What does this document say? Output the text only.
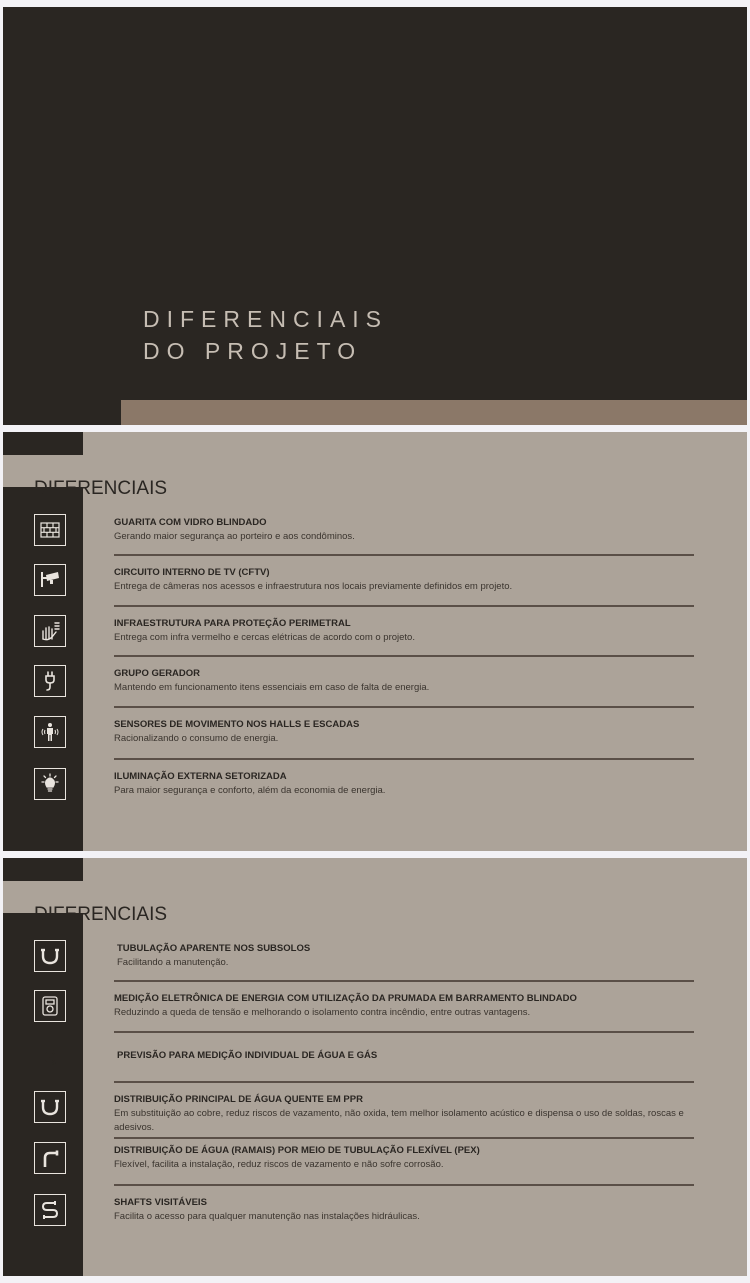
DIFERENCIAIS
DO PROJETO
DIFERENCIAIS
GUARITA COM VIDRO BLINDADO
Gerando maior segurança ao porteiro e aos condôminos.
CIRCUITO INTERNO DE TV (CFTV)
Entrega de câmeras nos acessos e infraestrutura nos locais previamente definidos em projeto.
INFRAESTRUTURA PARA PROTEÇÃO PERIMETRAL
Entrega com infra vermelho e cercas elétricas de acordo com o projeto.
GRUPO GERADOR
Mantendo em funcionamento itens essenciais em caso de falta de energia.
SENSORES DE MOVIMENTO NOS HALLS E ESCADAS
Racionalizando o consumo de energia.
ILUMINAÇÃO EXTERNA SETORIZADA
Para maior segurança e conforto, além da economia de energia.
DIFERENCIAIS
TUBULAÇÃO APARENTE NOS SUBSOLOS
Facilitando a manutenção.
MEDIÇÃO ELETRÔNICA DE ENERGIA COM UTILIZAÇÃO DA PRUMADA EM BARRAMENTO BLINDADO
Reduzindo a queda de tensão e melhorando o isolamento contra incêndio, entre outras vantagens.
PREVISÃO PARA MEDIÇÃO INDIVIDUAL DE ÁGUA E GÁS
DISTRIBUIÇÃO PRINCIPAL DE ÁGUA QUENTE EM PPR
Em substituição ao cobre, reduz riscos de vazamento, não oxida, tem melhor isolamento acústico e dispensa o uso de soldas, roscas e adesivos.
DISTRIBUIÇÃO DE ÁGUA (RAMAIS) POR MEIO DE TUBULAÇÃO FLEXÍVEL (PEX)
Flexível, facilita a instalação, reduz riscos de vazamento e não sofre corrosão.
SHAFTS VISITÁVEIS
Facilita o acesso para qualquer manutenção nas instalações hidráulicas.
